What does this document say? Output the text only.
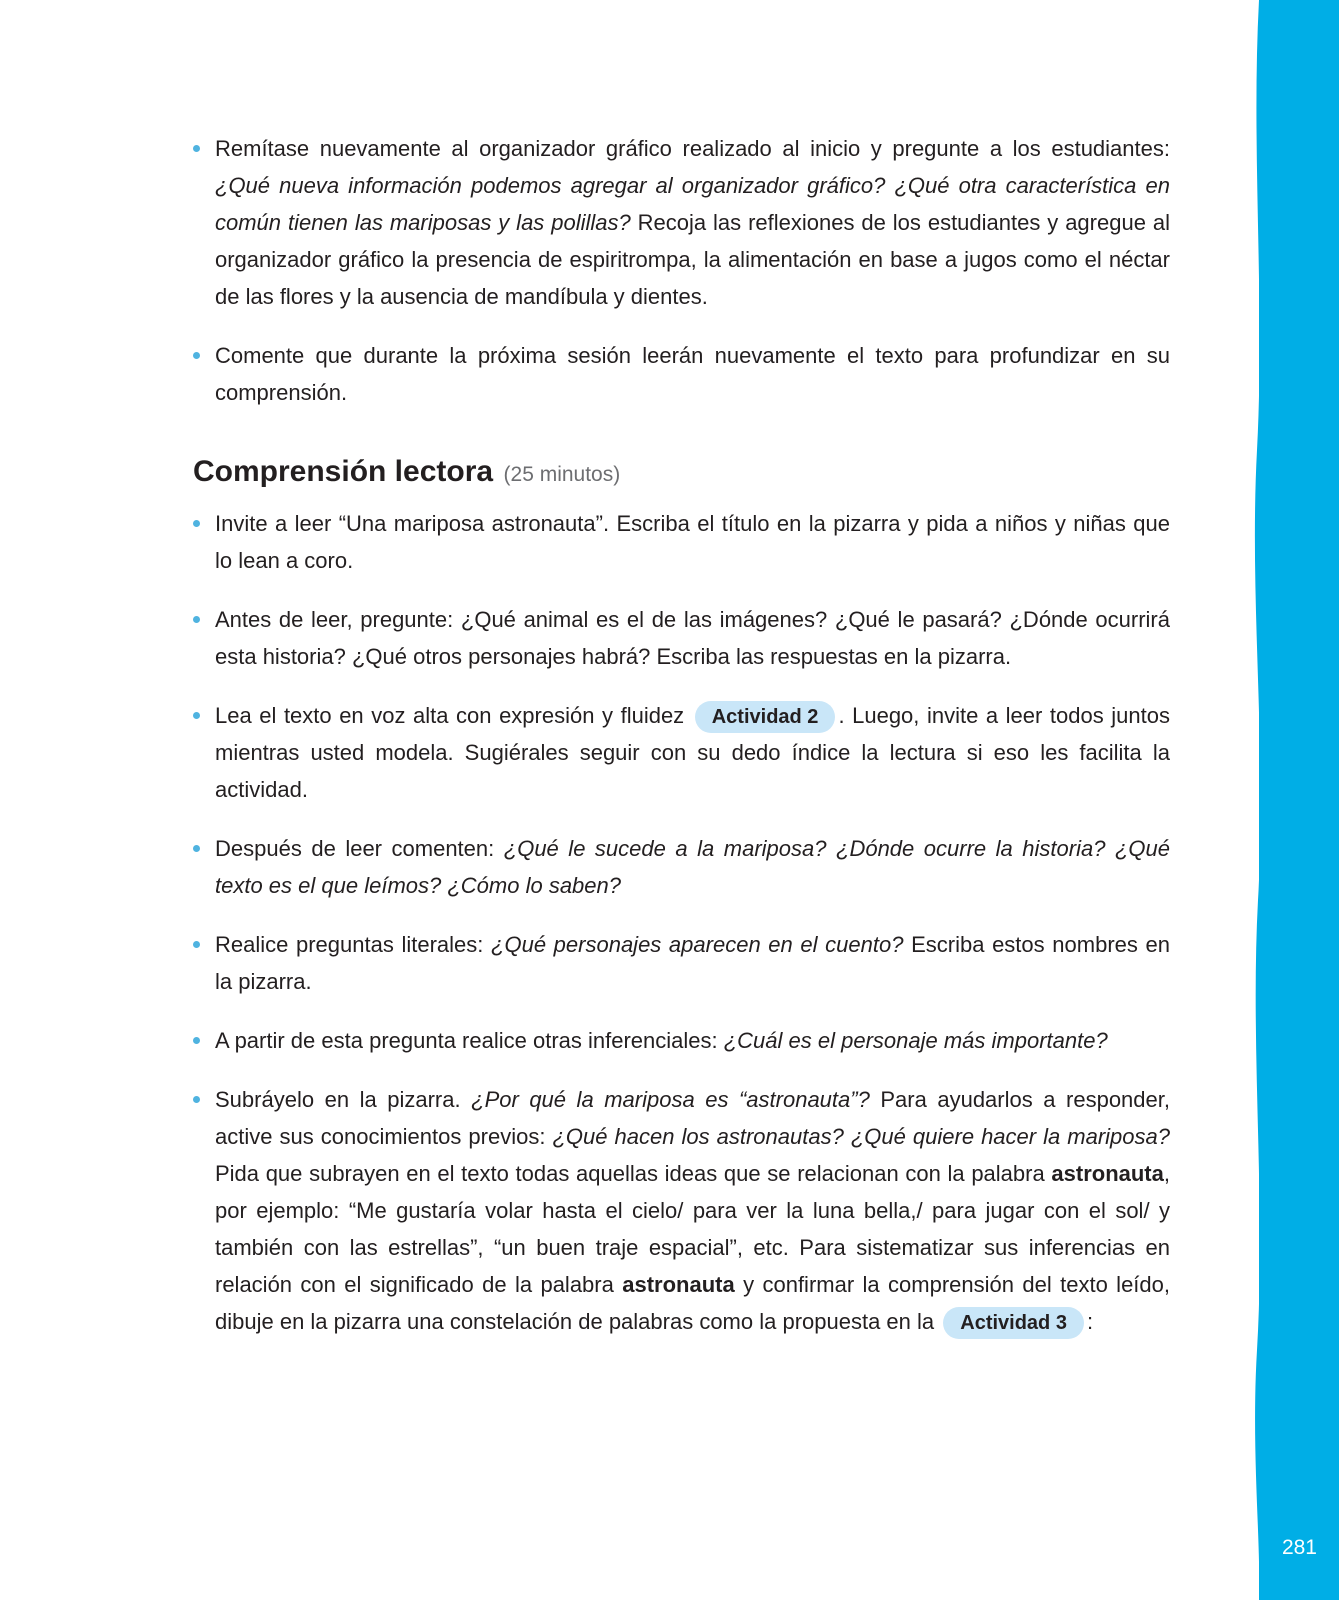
281
Remítase nuevamente al organizador gráfico realizado al inicio y pregunte a los estudiantes: ¿Qué nueva información podemos agregar al organizador gráfico? ¿Qué otra característica en común tienen las mariposas y las polillas? Recoja las reflexiones de los estudiantes y agregue al organizador gráfico la presencia de espiritrompa, la alimentación en base a jugos como el néctar de las flores y la ausencia de mandíbula y dientes.
Comente que durante la próxima sesión leerán nuevamente el texto para profundizar en su comprensión.
Comprensión lectora (25 minutos)
Invite a leer “Una mariposa astronauta”. Escriba el título en la pizarra y pida a niños y niñas que lo lean a coro.
Antes de leer, pregunte: ¿Qué animal es el de las imágenes? ¿Qué le pasará? ¿Dónde ocurrirá esta historia? ¿Qué otros personajes habrá? Escriba las respuestas en la pizarra.
Lea el texto en voz alta con expresión y fluidez Actividad 2 . Luego, invite a leer todos juntos mientras usted modela. Sugiérales seguir con su dedo índice la lectura si eso les facilita la actividad.
Después de leer comenten: ¿Qué le sucede a la mariposa? ¿Dónde ocurre la historia? ¿Qué texto es el que leímos? ¿Cómo lo saben?
Realice preguntas literales: ¿Qué personajes aparecen en el cuento? Escriba estos nombres en la pizarra.
A partir de esta pregunta realice otras inferenciales: ¿Cuál es el personaje más importante?
Subráyelo en la pizarra. ¿Por qué la mariposa es “astronauta”? Para ayudarlos a responder, active sus conocimientos previos: ¿Qué hacen los astronautas? ¿Qué quiere hacer la mariposa? Pida que subrayen en el texto todas aquellas ideas que se relacionan con la palabra astronauta, por ejemplo: “Me gustaría volar hasta el cielo/ para ver la luna bella,/ para jugar con el sol/ y también con las estrellas”, “un buen traje espacial”, etc. Para sistematizar sus inferencias en relación con el significado de la palabra astronauta y confirmar la comprensión del texto leído, dibuje en la pizarra una constelación de palabras como la propuesta en la Actividad 3 :
